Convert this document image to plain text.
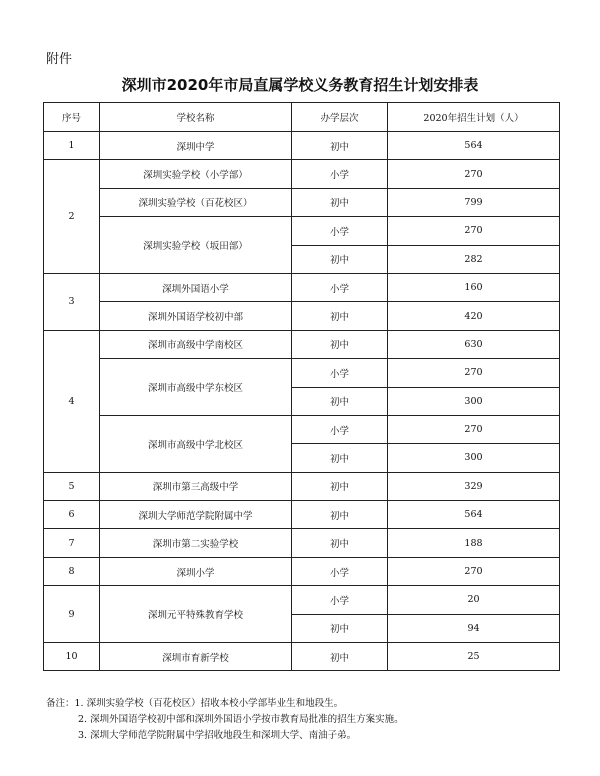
附件
深圳市2020年市局直属学校义务教育招生计划安排表
序号	学校名称	办学层次	2020年招生计划（人）
1	深圳中学	初中	564
2	深圳实验学校（小学部）	小学	270
	深圳实验学校（百花校区）	初中	799
	深圳实验学校（坂田部）	小学	270
		初中	282
3	深圳外国语小学	小学	160
	深圳外国语学校初中部	初中	420
4	深圳市高级中学南校区	初中	630
	深圳市高级中学东校区	小学	270
		初中	300
	深圳市高级中学北校区	小学	270
		初中	300
5	深圳市第三高级中学	初中	329
6	深圳大学师范学院附属中学	初中	564
7	深圳市第二实验学校	初中	188
8	深圳小学	小学	270
9	深圳元平特殊教育学校	小学	20
		初中	94
10	深圳市育新学校	初中	25
备注：1. 深圳实验学校（百花校区）招收本校小学部毕业生和地段生。
2. 深圳外国语学校初中部和深圳外国语小学按市教育局批准的招生方案实施。
3. 深圳大学师范学院附属中学招收地段生和深圳大学、南油子弟。
